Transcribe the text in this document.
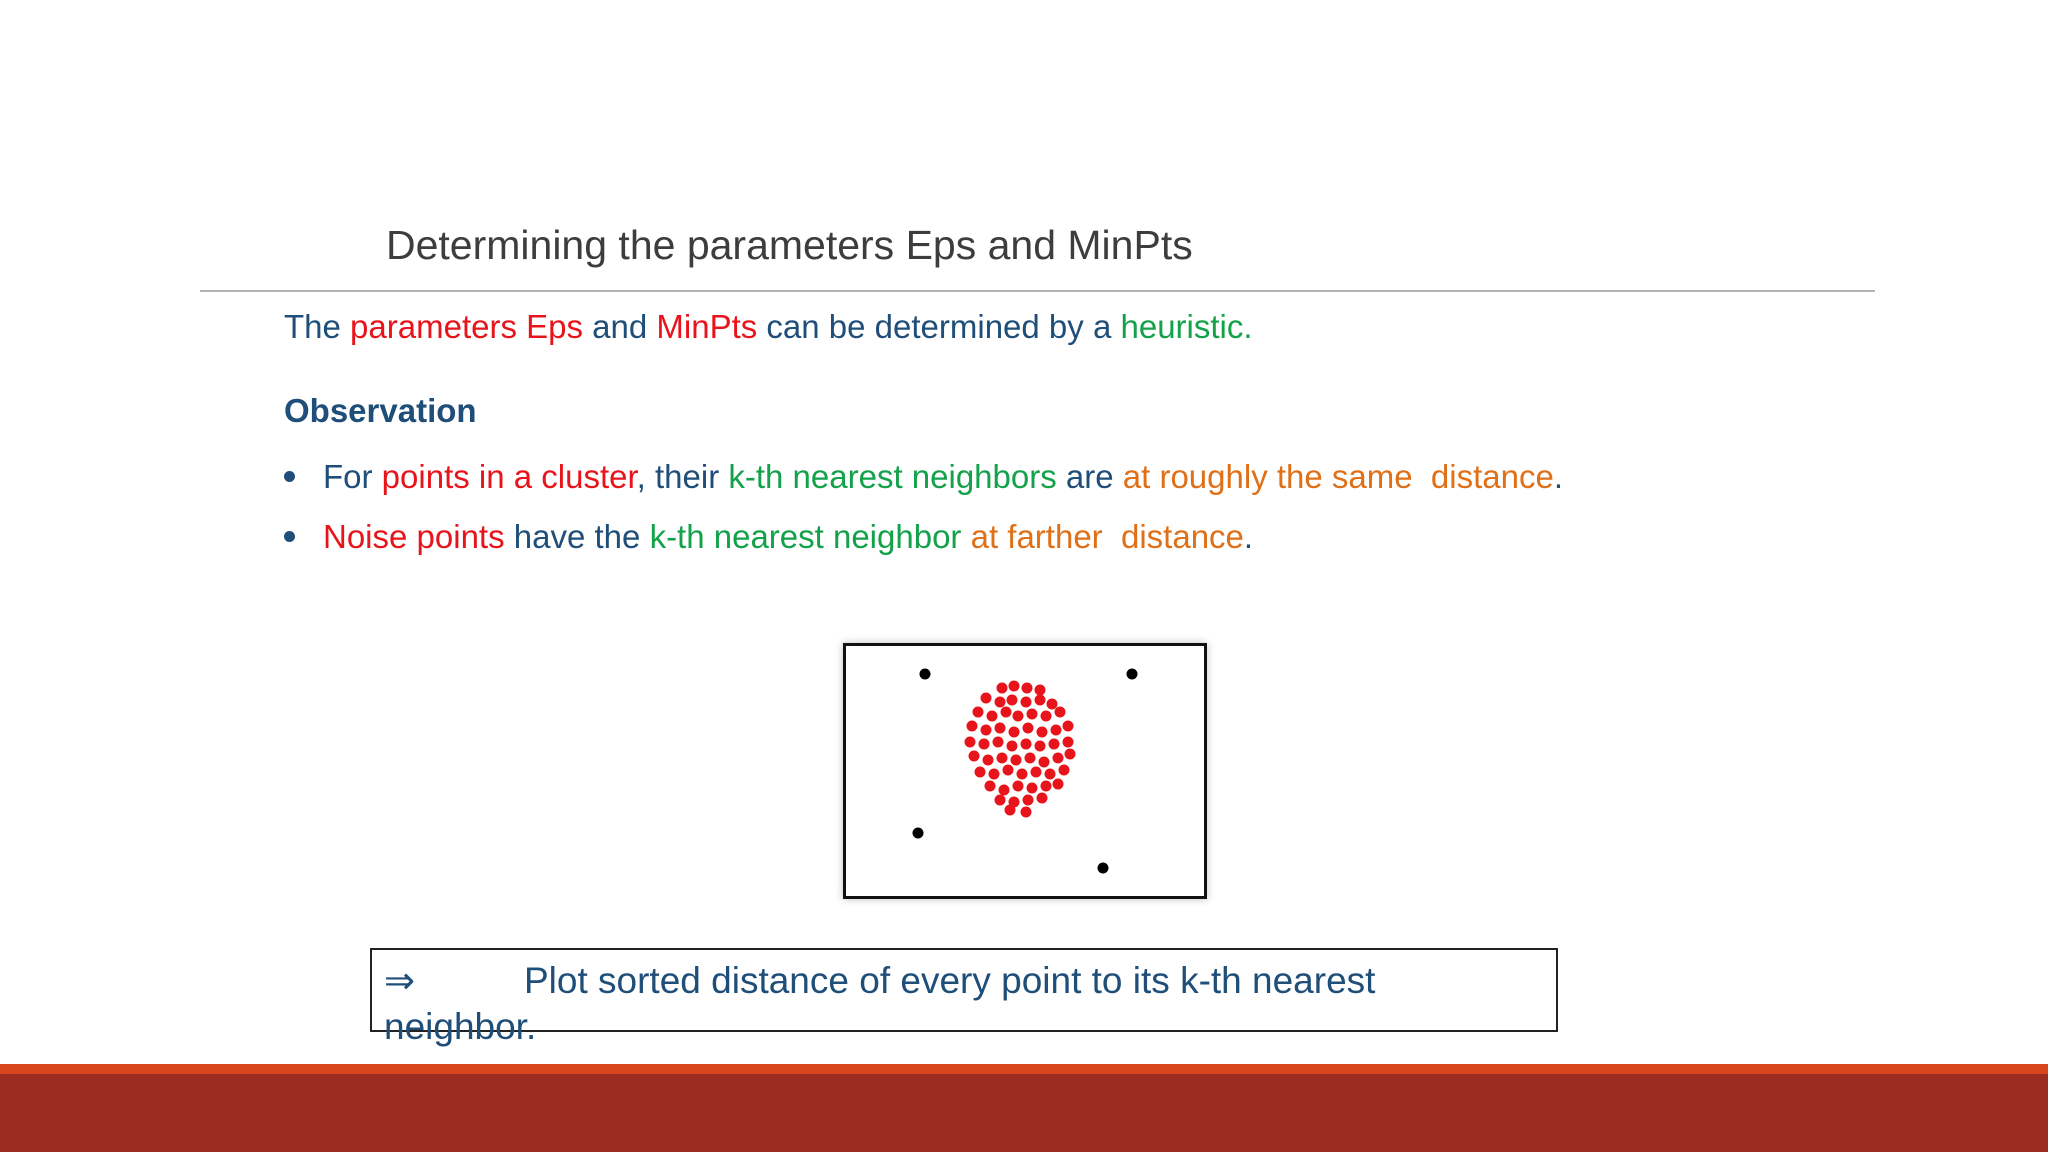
Determining the parameters Eps and MinPts
The parameters Eps and MinPts can be determined by a heuristic.
Observation
For points in a cluster, their k-th nearest neighbors are at roughly the same  distance.
Noise points have the k-th nearest neighbor at farther  distance.
⇒	Plot sorted distance of every point to its k-th nearest neighbor.
